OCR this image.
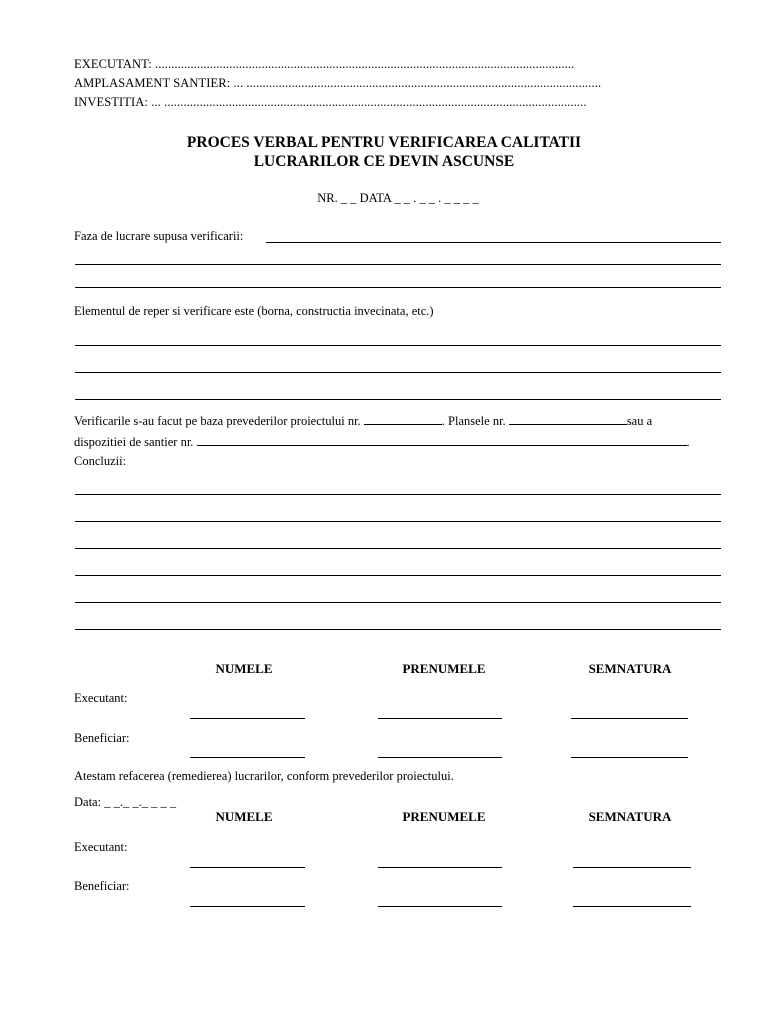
EXECUTANT: ..................................................................................................................................
AMPLASAMENT SANTIER: ... ..............................................................................................................
INVESTITIA: ... ...................................................................................................................................
PROCES VERBAL PENTRU VERIFICAREA CALITATII
LUCRARILOR CE DEVIN ASCUNSE
NR. _ _ DATA _ _ . _ _ . _ _ _ _
Faza de lucrare supusa verificarii:
Elementul de reper si verificare este (borna, constructia invecinata, etc.)
Verificarile s-au facut pe baza prevederilor proiectului nr.	. Plansele nr.	sau a
dispozitiei de santier nr.	.
Concluzii:
NUMELE	PRENUMELE	SEMNATURA
Executant:
Beneficiar:
Atestam refacerea (remedierea) lucrarilor, conform prevederilor proiectului.
Data: _ _._ _._ _ _ _
NUMELE	PRENUMELE	SEMNATURA
Executant:
Beneficiar:
